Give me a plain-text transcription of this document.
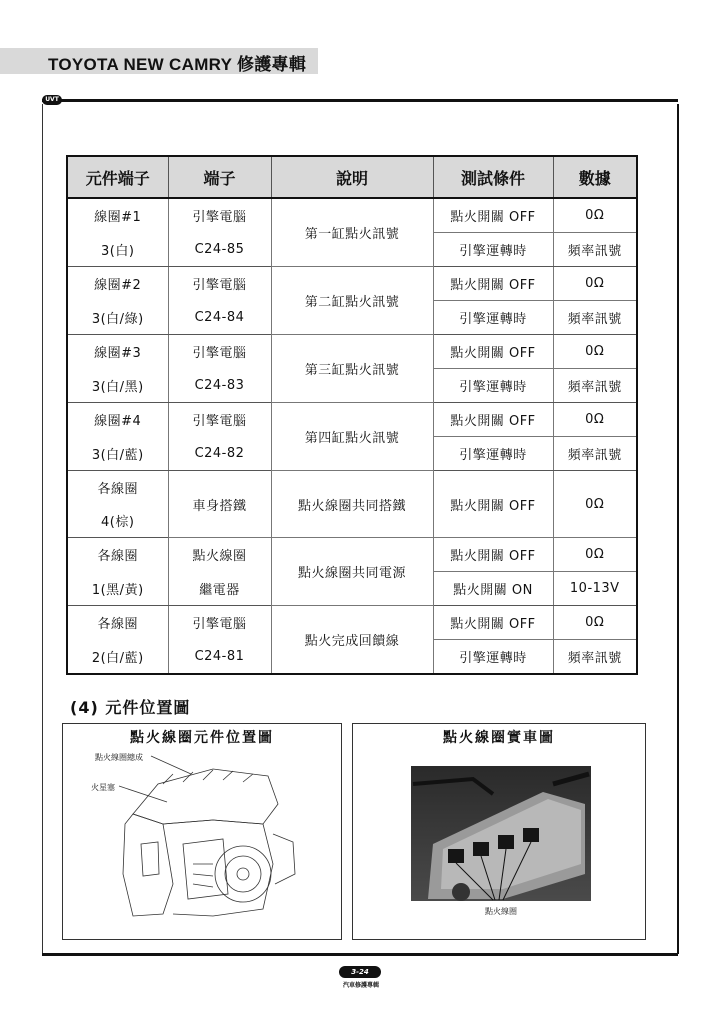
TOYOTA NEW CAMRY 修護專輯
UVT
元件端子	端子	說明	測試條件	數據
線圈#1	引擎電腦	第一缸點火訊號	點火開關 OFF	0Ω
3(白)	C24-85		引擎運轉時	頻率訊號
線圈#2	引擎電腦	第二缸點火訊號	點火開關 OFF	0Ω
3(白/綠)	C24-84		引擎運轉時	頻率訊號
線圈#3	引擎電腦	第三缸點火訊號	點火開關 OFF	0Ω
3(白/黑)	C24-83		引擎運轉時	頻率訊號
線圈#4	引擎電腦	第四缸點火訊號	點火開關 OFF	0Ω
3(白/藍)	C24-82		引擎運轉時	頻率訊號
各線圈	車身搭鐵	點火線圈共同搭鐵	點火開關 OFF	0Ω
4(棕)				
各線圈	點火線圈	點火線圈共同電源	點火開關 OFF	0Ω
1(黑/黃)	繼電器		點火開關 ON	10-13V
各線圈	引擎電腦	點火完成回饋線	點火開關 OFF	0Ω
2(白/藍)	C24-81		引擎運轉時	頻率訊號
(4) 元件位置圖
點火線圈元件位置圖
點火線圈總成
火星塞
點火線圈實車圖
點火線圈
3-24
汽車修護專輯
